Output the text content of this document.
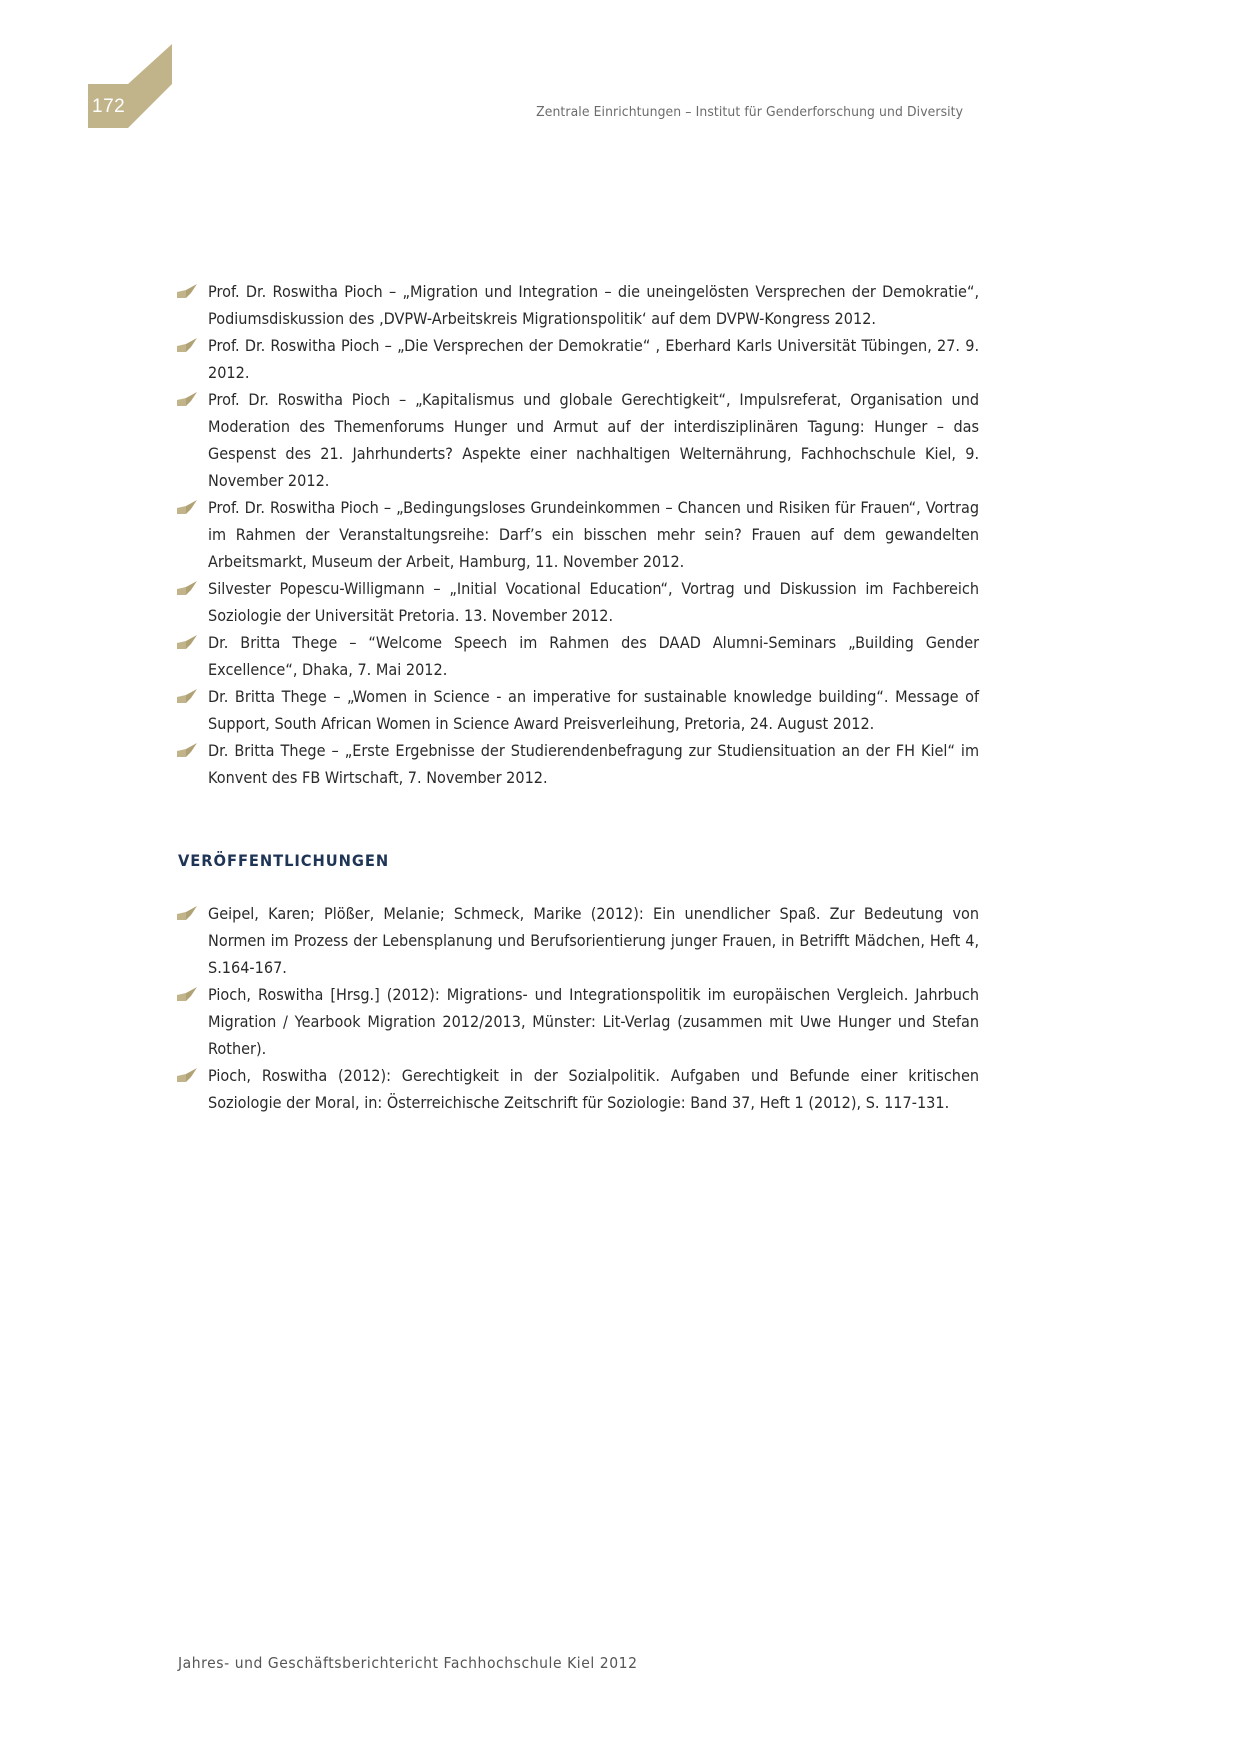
172	Zentrale Einrichtungen – Institut für Genderforschung und Diversity
Prof. Dr. Roswitha Pioch – „Migration und Integration – die uneingelösten Versprechen der Demokratie“, Podiumsdiskussion des ‚DVPW-Arbeitskreis Migrationspolitik‘ auf dem DVPW-Kongress 2012.
Prof. Dr. Roswitha Pioch – „Die Versprechen der Demokratie“ , Eberhard Karls Universität Tübingen, 27. 9. 2012.
Prof. Dr. Roswitha Pioch – „Kapitalismus und globale Gerechtigkeit“, Impulsreferat, Organisation und Moderation des Themenforums Hunger und Armut auf der interdisziplinären Tagung: Hunger – das Gespenst des 21. Jahrhunderts? Aspekte einer nachhaltigen Welternährung, Fachhochschule Kiel, 9. November 2012.
Prof. Dr. Roswitha Pioch – „Bedingungsloses Grundeinkommen – Chancen und Risiken für Frauen“, Vortrag im Rahmen der Veranstaltungsreihe: Darf’s ein bisschen mehr sein? Frauen auf dem gewandelten Arbeitsmarkt, Museum der Arbeit, Hamburg, 11. November 2012.
Silvester Popescu-Willigmann – „Initial Vocational Education“, Vortrag und Diskussion im Fachbereich Soziologie der Universität Pretoria. 13. November 2012.
Dr. Britta Thege – “Welcome Speech im Rahmen des DAAD Alumni-Seminars „Building Gender Excellence“, Dhaka, 7. Mai 2012.
Dr. Britta Thege – „Women in Science - an imperative for sustainable knowledge building“. Message of Support, South African Women in Science Award Preisverleihung, Pretoria, 24. August 2012.
Dr. Britta Thege – „Erste Ergebnisse der Studierendenbefragung zur Studiensituation an der FH Kiel“ im Konvent des FB Wirtschaft, 7. November 2012.
VERÖFFENTLICHUNGEN
Geipel, Karen; Plößer, Melanie; Schmeck, Marike (2012): Ein unendlicher Spaß. Zur Bedeutung von Normen im Prozess der Lebensplanung und Berufsorientierung junger Frauen, in Betrifft Mädchen, Heft 4, S.164-167.
Pioch, Roswitha [Hrsg.] (2012): Migrations- und Integrationspolitik im europäischen Vergleich. Jahrbuch Migration / Yearbook Migration 2012/2013, Münster: Lit-Verlag (zusammen mit Uwe Hunger und Stefan Rother).
Pioch, Roswitha (2012): Gerechtigkeit in der Sozialpolitik. Aufgaben und Befunde einer kritischen Soziologie der Moral, in: Österreichische Zeitschrift für Soziologie: Band 37, Heft 1 (2012), S. 117-131.
Jahres- und Geschäftsberichtericht Fachhochschule Kiel 2012
